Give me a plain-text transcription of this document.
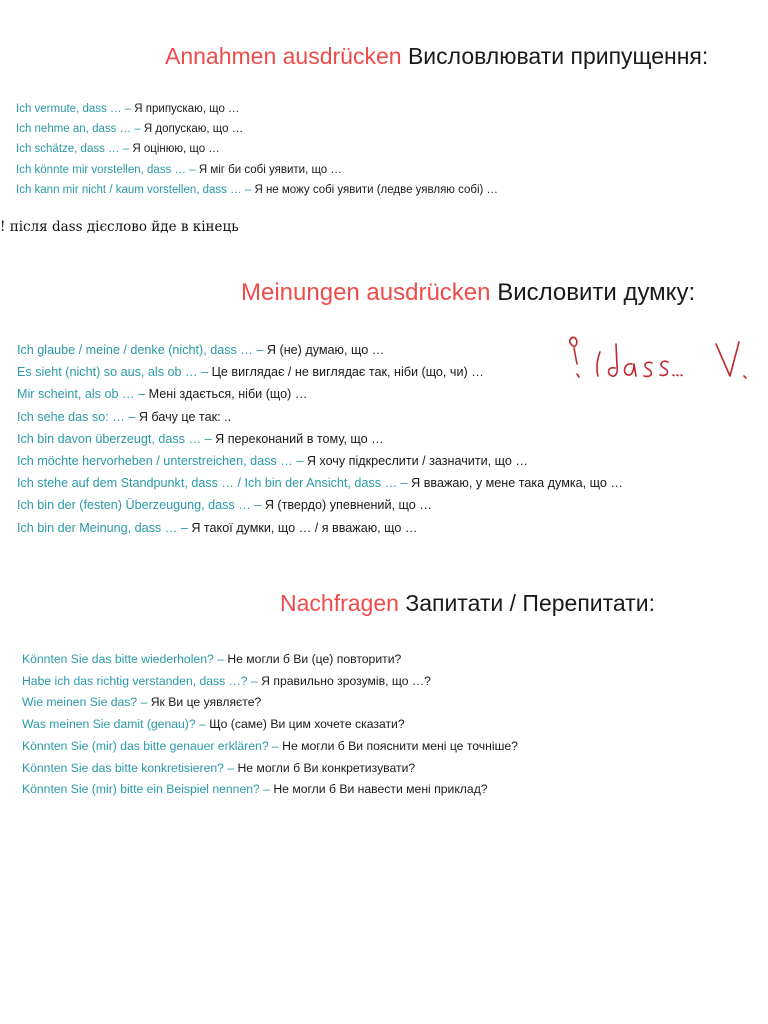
Annahmen ausdrücken Висловлювати припущення:
Ich vermute, dass … – Я припускаю, що …
Ich nehme an, dass … – Я допускаю, що …
Ich schätze, dass … – Я оцінюю, що …
Ich könnte mir vorstellen, dass … – Я міг би собі уявити, що …
Ich kann mir nicht / kaum vorstellen, dass … – Я не можу собі уявити (ледве уявляю собі) …
! після dass дієслово йде в кінець
Meinungen ausdrücken Висловити думку:
Ich glaube / meine / denke (nicht), dass … – Я (не) думаю, що …
Es sieht (nicht) so aus, als ob … – Це виглядає / не виглядає так, ніби (що, чи) …
Mir scheint, als ob … – Мені здається, ніби (що) …
Ich sehe das so: … – Я бачу це так: ..
Ich bin davon überzeugt, dass … – Я переконаний в тому, що …
Ich möchte hervorheben / unterstreichen, dass … – Я хочу підкреслити / зазначити, що …
Ich stehe auf dem Standpunkt, dass … / Ich bin der Ansicht, dass … – Я вважаю, у мене така думка, що …
Ich bin der (festen) Überzeugung, dass … – Я (твердо) упевнений, що …
Ich bin der Meinung, dass … – Я такої думки, що … / я вважаю, що …
Nachfragen Запитати / Перепитати:
Könnten Sie das bitte wiederholen? – Не могли б Ви (це) повторити?
Habe ich das richtig verstanden, dass …? – Я правильно зрозумів, що …?
Wie meinen Sie das? – Як Ви це уявляєте?
Was meinen Sie damit (genau)? – Що (саме) Ви цим хочете сказати?
Könnten Sie (mir) das bitte genauer erklären? – Не могли б Ви пояснити мені це точніше?
Könnten Sie das bitte konkretisieren? – Не могли б Ви конкретизувати?
Könnten Sie (mir) bitte ein Beispiel nennen? – Не могли б Ви навести мені приклад?
